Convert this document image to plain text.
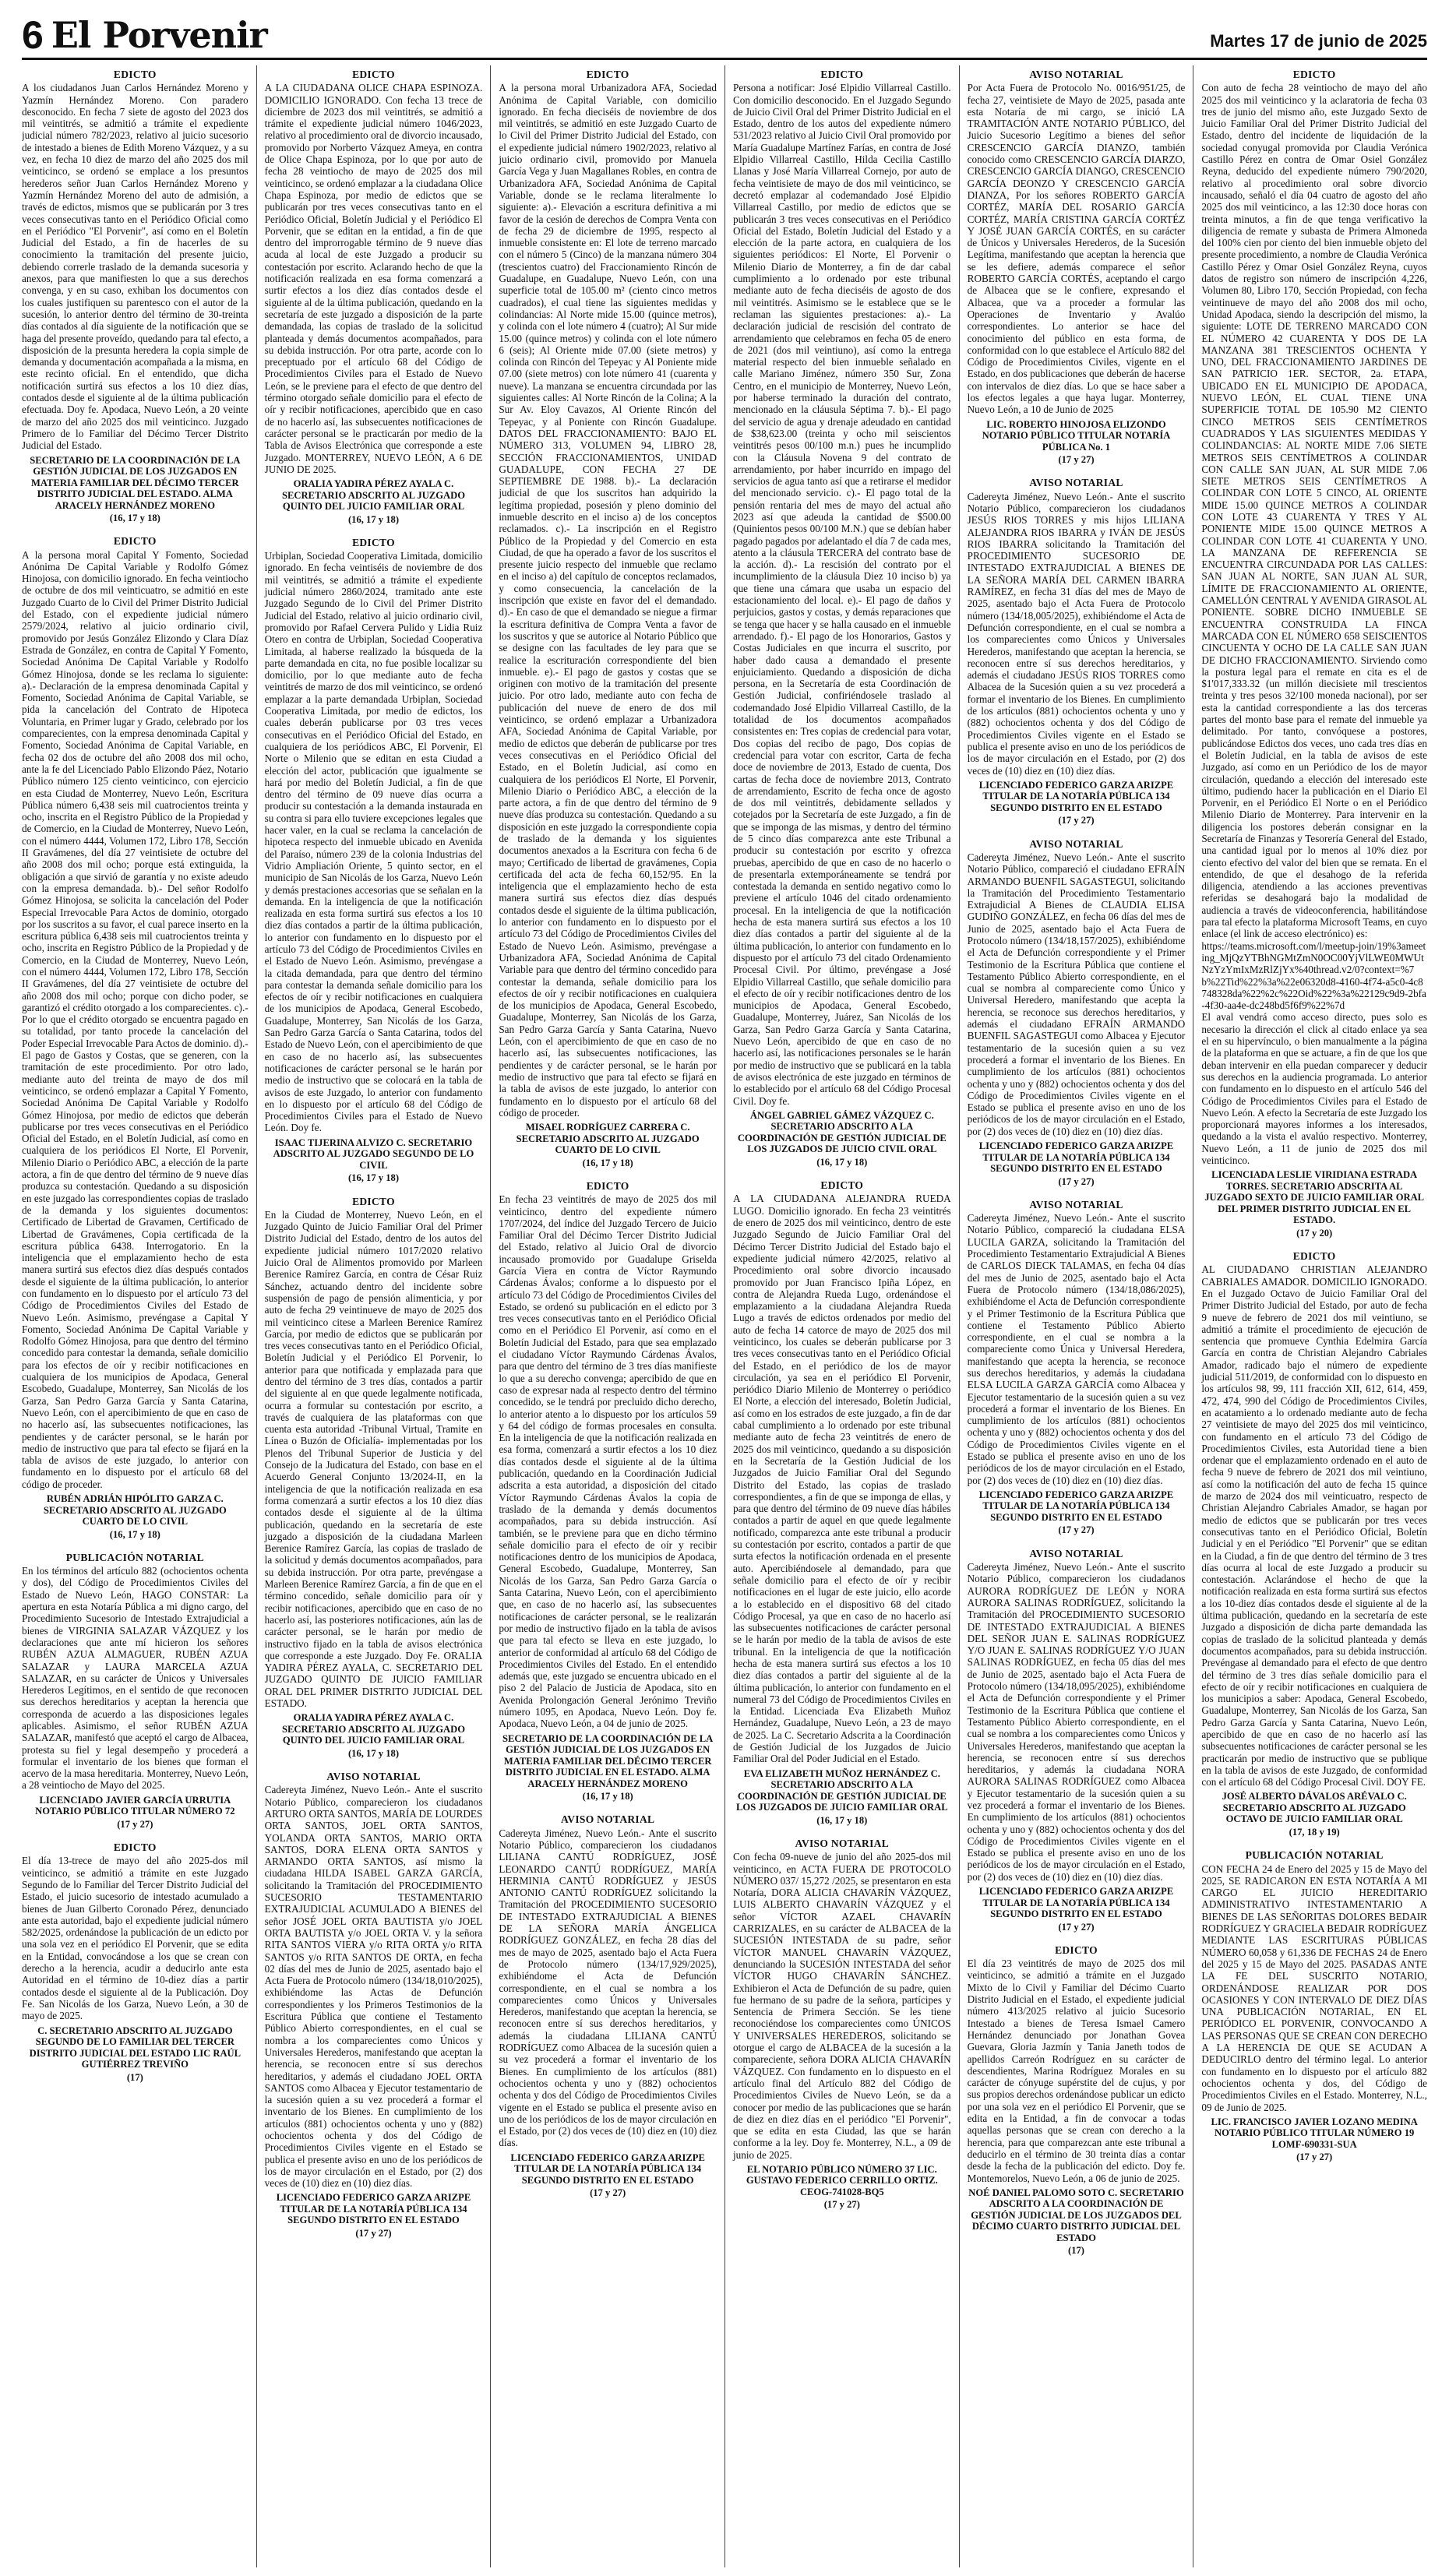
6 El Porvenir	Martes 17 de junio de 2025
EDICTO
A los ciudadanos Juan Carlos Hernández Moreno y Yazmín Hernández Moreno. Con paradero desconocido. En fecha 7 siete de agosto del 2023 dos mil veintitrés, se admitió a trámite el expediente judicial número 782/2023, relativo al juicio sucesorio de intestado a bienes de Edith Moreno Vázquez, y a su vez, en fecha 10 diez de marzo del año 2025 dos mil veinticinco, se ordenó se emplace a los presuntos herederos señor Juan Carlos Hernández Moreno y Yazmín Hernández Moreno del auto de admisión, a través de edictos, mismos que se publicarán por 3 tres veces consecutivas tanto en el Periódico Oficial como en el Periódico "El Porvenir", así como en el Boletín Judicial del Estado, a fin de hacerles de su conocimiento la tramitación del presente juicio, debiendo correrle traslado de la demanda sucesoria y anexos, para que manifiesten lo que a sus derechos convenga, y en su caso, exhiban los documentos con los cuales justifiquen su parentesco con el autor de la sucesión, lo anterior dentro del término de 30-treinta días contados al día siguiente de la notificación que se haga del presente proveído, quedando para tal efecto, a disposición de la presunta heredera la copia simple de demanda y documentación acompañada a la misma, en este recinto oficial. En el entendido, que dicha notificación surtirá sus efectos a los 10 diez días, contados desde el siguiente al de la última publicación efectuada. Doy fe. Apodaca, Nuevo León, a 20 veinte de marzo del año 2025 dos mil veinticinco. Juzgado Primero de lo Familiar del Décimo Tercer Distrito Judicial del Estado.
SECRETARIO DE LA COORDINACIÓN DE LA GESTIÓN JUDICIAL DE LOS JUZGADOS EN MATERIA FAMILIAR DEL DÉCIMO TERCER DISTRITO JUDICIAL DEL ESTADO. ALMA ARACELY HERNÁNDEZ MORENO
(16, 17 y 18)
EDICTO
A la persona moral Capital Y Fomento, Sociedad Anónima De Capital Variable y Rodolfo Gómez Hinojosa, con domicilio ignorado. En fecha veintiocho de octubre de dos mil veinticuatro, se admitió en este Juzgado Cuarto de lo Civil del Primer Distrito Judicial del Estado, con el expediente judicial número 2579/2024, relativo al juicio ordinario civil, promovido por Jesús González Elizondo y Clara Díaz Estrada de González, en contra de Capital Y Fomento, Sociedad Anónima De Capital Variable y Rodolfo Gómez Hinojosa, donde se les reclama lo siguiente: a).- Declaración de la empresa denominada Capital y Fomento, Sociedad Anónima de Capital Variable, se pida la cancelación del Contrato de Hipoteca Voluntaria, en Primer lugar y Grado, celebrado por los comparecientes, con la empresa denominada Capital y Fomento, Sociedad Anónima de Capital Variable, en fecha 02 dos de octubre del año 2008 dos mil ocho, ante la fe del Licenciado Pablo Elizondo Páez, Notario Público número 125 ciento veinticinco, con ejercicio en esta Ciudad de Monterrey, Nuevo León, Escritura Pública número 6,438 seis mil cuatrocientos treinta y ocho, inscrita en el Registro Público de la Propiedad y de Comercio, en la Ciudad de Monterrey, Nuevo León, con el número 4444, Volumen 172, Libro 178, Sección II Gravámenes, del día 27 veintisiete de octubre del año 2008 dos mil ocho; porque está extinguida, la obligación a que sirvió de garantía y no existe adeudo con la empresa demandada. b).- Del señor Rodolfo Gómez Hinojosa, se solicita la cancelación del Poder Especial Irrevocable Para Actos de dominio, otorgado por los suscritos a su favor, el cual parece inserto en la escritura pública 6,438 seis mil cuatrocientos treinta y ocho, inscrita en Registro Público de la Propiedad y de Comercio, en la Ciudad de Monterrey, Nuevo León, con el número 4444, Volumen 172, Libro 178, Sección II Gravámenes, del día 27 veintisiete de octubre del año 2008 dos mil ocho; porque con dicho poder, se garantizó el crédito otorgado a los comparecientes. c).- Por lo que el crédito otorgado se encuentra pagado en su totalidad, por tanto procede la cancelación del Poder Especial Irrevocable Para Actos de dominio. d).- El pago de Gastos y Costas, que se generen, con la tramitación de este procedimiento. Por otro lado, mediante auto del treinta de mayo de dos mil veinticinco, se ordenó emplazar a Capital Y Fomento, Sociedad Anónima De Capital Variable y Rodolfo Gómez Hinojosa, por medio de edictos que deberán publicarse por tres veces consecutivas en el Periódico Oficial del Estado, en el Boletín Judicial, así como en cualquiera de los periódicos El Norte, El Porvenir, Milenio Diario o Periódico ABC, a elección de la parte actora, a fin de que dentro del término de 9 nueve días produzca su contestación. Quedando a su disposición en este juzgado las correspondientes copias de traslado de la demanda y los siguientes documentos: Certificado de Libertad de Gravamen, Certificado de Libertad de Gravámenes, Copia certificada de la escritura pública 6438. Interrogatorio. En la inteligencia que el emplazamiento hecho de esta manera surtirá sus efectos diez días después contados desde el siguiente de la última publicación, lo anterior con fundamento en lo dispuesto por el artículo 73 del Código de Procedimientos Civiles del Estado de Nuevo León. Asimismo, prevéngase a Capital Y Fomento, Sociedad Anónima De Capital Variable y Rodolfo Gómez Hinojosa, para que dentro del término concedido para contestar la demanda, señale domicilio para los efectos de oír y recibir notificaciones en cualquiera de los municipios de Apodaca, General Escobedo, Guadalupe, Monterrey, San Nicolás de los Garza, San Pedro Garza García y Santa Catarina, Nuevo León, con el apercibimiento de que en caso de no hacerlo así, las subsecuentes notificaciones, las pendientes y de carácter personal, se le harán por medio de instructivo que para tal efecto se fijará en la tabla de avisos de este juzgado, lo anterior con fundamento en lo dispuesto por el artículo 68 del código de proceder.
RUBÉN ADRIÁN HIPÓLITO GARZA C. SECRETARIO ADSCRITO AL JUZGADO CUARTO DE LO CIVIL
(16, 17 y 18)
PUBLICACIÓN NOTARIAL
En los términos del artículo 882 (ochocientos ochenta y dos), del Código de Procedimientos Civiles del Estado de Nuevo León, HAGO CONSTAR: La apertura en esta Notaría Pública a mi digno cargo, del Procedimiento Sucesorio de Intestado Extrajudicial a bienes de VIRGINIA SALAZAR VÁZQUEZ y los declaraciones que ante mí hicieron los señores RUBÉN AZUA ALMAGUER, RUBÉN AZUA SALAZAR y LAURA MARCELA AZUA SALAZAR, en su carácter de Únicos y Universales Herederos Legítimos, en el sentido de que reconocen sus derechos hereditarios y aceptan la herencia que corresponda de acuerdo a las disposiciones legales aplicables. Asimismo, el señor RUBÉN AZUA SALAZAR, manifestó que aceptó el cargo de Albacea, protesta su fiel y legal desempeño y procederá a formular el inventario de los bienes que forman el acervo de la masa hereditaria. Monterrey, Nuevo León, a 28 veintiocho de Mayo del 2025.
LICENCIADO JAVIER GARCÍA URRUTIA NOTARIO PÚBLICO TITULAR NÚMERO 72
(17 y 27)
EDICTO
El día 13-trece de mayo del año 2025-dos mil veinticinco, se admitió a trámite en este Juzgado Segundo de lo Familiar del Tercer Distrito Judicial del Estado, el juicio sucesorio de intestado acumulado a bienes de Juan Gilberto Coronado Pérez, denunciado ante esta autoridad, bajo el expediente judicial número 582/2025, ordenándose la publicación de un edicto por una sola vez en el periódico El Porvenir, que se edita en la Entidad, convocándose a los que se crean con derecho a la herencia, acudir a deducirlo ante esta Autoridad en el término de 10-diez días a partir contados desde el siguiente al de la Publicación. Doy Fe. San Nicolás de los Garza, Nuevo León, a 30 de mayo de 2025.
C. SECRETARIO ADSCRITO AL JUZGADO SEGUNDO DE LO FAMILIAR DEL TERCER DISTRITO JUDICIAL DEL ESTADO LIC RAÚL GUTIÉRREZ TREVIÑO
(17)
EDICTO
A LA CIUDADANA OLICE CHAPA ESPINOZA. DOMICILIO IGNORADO. Con fecha 13 trece de diciembre de 2023 dos mil veintitrés, se admitió a trámite el expediente judicial número 1046/2023, relativo al procedimiento oral de divorcio incausado, promovido por Norberto Vázquez Ameya, en contra de Olice Chapa Espinoza, por lo que por auto de fecha 28 veintiocho de mayo de 2025 dos mil veinticinco, se ordenó emplazar a la ciudadana Olice Chapa Espinoza, por medio de edictos que se publicarán por tres veces consecutivas tanto en el Periódico Oficial, Boletín Judicial y el Periódico El Porvenir, que se editan en la entidad, a fin de que dentro del improrrogable término de 9 nueve días acuda al local de este Juzgado a producir su contestación por escrito. Aclarando hecho de que la notificación realizada en esa forma comenzará a surtir efectos a los diez días contados desde el siguiente al de la última publicación, quedando en la secretaría de este juzgado a disposición de la parte demandada, las copias de traslado de la solicitud planteada y demás documentos acompañados, para su debida instrucción. Por otra parte, acorde con lo preceptuado por el artículo 68 del Código de Procedimientos Civiles para el Estado de Nuevo León, se le previene para el efecto de que dentro del término otorgado señale domicilio para el efecto de oír y recibir notificaciones, apercibido que en caso de no hacerlo así, las subsecuentes notificaciones de carácter personal se le practicarán por medio de la Tabla de Avisos Electrónica que corresponde a este Juzgado. MONTERREY, NUEVO LEÓN, A 6 DE JUNIO DE 2025.
ORALIA YADIRA PÉREZ AYALA C. SECRETARIO ADSCRITO AL JUZGADO QUINTO DEL JUICIO FAMILIAR ORAL
(16, 17 y 18)
EDICTO
Urbiplan, Sociedad Cooperativa Limitada, domicilio ignorado. En fecha veintiséis de noviembre de dos mil veintitrés, se admitió a trámite el expediente judicial número 2860/2024, tramitado ante este Juzgado Segundo de lo Civil del Primer Distrito Judicial del Estado, relativo al juicio ordinario civil, promovido por Rafael Cervera Pulido y Lidia Ruiz Otero en contra de Urbiplan, Sociedad Cooperativa Limitada, al haberse realizado la búsqueda de la parte demandada en cita, no fue posible localizar su domicilio, por lo que mediante auto de fecha veintitrés de marzo de dos mil veinticinco, se ordenó emplazar a la parte demandada Urbiplan, Sociedad Cooperativa Limitada, por medio de edictos, los cuales deberán publicarse por 03 tres veces consecutivas en el Periódico Oficial del Estado, en cualquiera de los periódicos ABC, El Porvenir, El Norte o Milenio que se editan en esta Ciudad a elección del actor, publicación que igualmente se hará por medio del Boletín Judicial, a fin de que dentro del término de 09 nueve días ocurra a producir su contestación a la demanda instaurada en su contra si para ello tuviere excepciones legales que hacer valer, en la cual se reclama la cancelación de hipoteca respecto del inmueble ubicado en Avenida del Paraíso, número 239 de la colonia Industrias del Vidrio Ampliación Oriente, 5 quinto sector, en el municipio de San Nicolás de los Garza, Nuevo León y demás prestaciones accesorias que se señalan en la demanda. En la inteligencia de que la notificación realizada en esta forma surtirá sus efectos a los 10 diez días contados a partir de la última publicación, lo anterior con fundamento en lo dispuesto por el artículo 73 del Código de Procedimientos Civiles en el Estado de Nuevo León. Asimismo, prevéngase a la citada demandada, para que dentro del término para contestar la demanda señale domicilio para los efectos de oír y recibir notificaciones en cualquiera de los municipios de Apodaca, General Escobedo, Guadalupe, Monterrey, San Nicolás de los Garza, San Pedro Garza García o Santa Catarina, todos del Estado de Nuevo León, con el apercibimiento de que en caso de no hacerlo así, las subsecuentes notificaciones de carácter personal se le harán por medio de instructivo que se colocará en la tabla de avisos de este Juzgado, lo anterior con fundamento en lo dispuesto por el artículo 68 del Código de Procedimientos Civiles para el Estado de Nuevo León. Doy fe.
ISAAC TIJERINA ALVIZO C. SECRETARIO ADSCRITO AL JUZGADO SEGUNDO DE LO CIVIL
(16, 17 y 18)
EDICTO
En la Ciudad de Monterrey, Nuevo León, en el Juzgado Quinto de Juicio Familiar Oral del Primer Distrito Judicial del Estado, dentro de los autos del expediente judicial número 1017/2020 relativo Juicio Oral de Alimentos promovido por Marleen Berenice Ramírez García, en contra de César Ruiz Sánchez, actuando dentro del incidente sobre suspensión de pago de pensión alimenticia, y por auto de fecha 29 veintinueve de mayo de 2025 dos mil veinticinco citese a Marleen Berenice Ramírez García, por medio de edictos que se publicarán por tres veces consecutivas tanto en el Periódico Oficial, Boletín Judicial y el Periódico El Porvenir, lo anterior para que notificada y emplazada para que dentro del término de 3 tres días, contados a partir del siguiente al en que quede legalmente notificada, ocurra a formular su contestación por escrito, a través de cualquiera de las plataformas con que cuenta esta autoridad -Tribunal Virtual, Tramite en Línea o Buzón de Oficialía- implementadas por los Plenos del Tribunal Superior de Justicia y del Consejo de la Judicatura del Estado, con base en el Acuerdo General Conjunto 13/2024-II, en la inteligencia de que la notificación realizada en esa forma comenzará a surtir efectos a los 10 diez días contados desde el siguiente al de la última publicación, quedando en la secretaría de este juzgado a disposición de la ciudadana Marleen Berenice Ramírez García, las copias de traslado de la solicitud y demás documentos acompañados, para su debida instrucción. Por otra parte, prevéngase a Marleen Berenice Ramírez García, a fin de que en el término concedido, señale domicilio para oír y recibir notificaciones, apercibido que en caso de no hacerlo así, las posteriores notificaciones, aún las de carácter personal, se le harán por medio de instructivo fijado en la tabla de avisos electrónica que corresponde a este Juzgado. Doy Fe. ORALIA YADIRA PÉREZ AYALA, C. SECRETARIO DEL JUZGADO QUINTO DE JUICIO FAMILIAR ORAL DEL PRIMER DISTRITO JUDICIAL DEL ESTADO.
ORALIA YADIRA PÉREZ AYALA C. SECRETARIO ADSCRITO AL JUZGADO QUINTO DEL JUICIO FAMILIAR ORAL
(16, 17 y 18)
AVISO NOTARIAL
Cadereyta Jiménez, Nuevo León.- Ante el suscrito Notario Público, comparecieron los ciudadanos ARTURO ORTA SANTOS, MARÍA DE LOURDES ORTA SANTOS, JOEL ORTA SANTOS, YOLANDA ORTA SANTOS, MARIO ORTA SANTOS, DORA ELENA ORTA SANTOS y ARMANDO ORTA SANTOS, así mismo la ciudadana HILDA ISABEL GARZA GARCÍA, solicitando la Tramitación del PROCEDIMIENTO SUCESORIO TESTAMENTARIO EXTRAJUDICIAL ACUMULADO A BIENES del señor JOSÉ JOEL ORTA BAUTISTA y/o JOEL ORTA BAUTISTA y/o JOEL ORTA V. y la señora RITA SANTOS VIERA y/o RITA ORTA y/o RITA SANTOS y/o RITA SANTOS DE ORTA, en fecha 02 días del mes de Junio de 2025, asentado bajo el Acta Fuera de Protocolo número (134/18,010/2025), exhibiéndome las Actas de Defunción correspondientes y los Primeros Testimonios de la Escritura Pública que contiene el Testamento Público Abierto correspondientes, en el cual se nombra a los comparecientes como Únicos y Universales Herederos, manifestando que aceptan la herencia, se reconocen entre sí sus derechos hereditarios, y además el ciudadano JOEL ORTA SANTOS como Albacea y Ejecutor testamentario de la sucesión quien a su vez procederá a formar el inventario de los Bienes. En cumplimiento de los artículos (881) ochocientos ochenta y uno y (882) ochocientos ochenta y dos del Código de Procedimientos Civiles vigente en el Estado se publica el presente aviso en uno de los periódicos de los de mayor circulación en el Estado, por (2) dos veces de (10) diez en (10) diez días.
LICENCIADO FEDERICO GARZA ARIZPE TITULAR DE LA NOTARÍA PÚBLICA 134 SEGUNDO DISTRITO EN EL ESTADO
(17 y 27)
EDICTO
A la persona moral Urbanizadora AFA, Sociedad Anónima de Capital Variable, con domicilio ignorado. En fecha dieciséis de noviembre de dos mil veintitrés, se admitió en este Juzgado Cuarto de lo Civil del Primer Distrito Judicial del Estado, con el expediente judicial número 1902/2023, relativo al juicio ordinario civil, promovido por Manuela García Vega y Juan Magallanes Robles, en contra de Urbanizadora AFA, Sociedad Anónima de Capital Variable, donde se le reclama literalmente lo siguiente: a).- Elevación a escritura definitiva a mi favor de la cesión de derechos de Compra Venta con de fecha 29 de diciembre de 1995, respecto al inmueble consistente en: El lote de terreno marcado con el número 5 (Cinco) de la manzana número 304 (trescientos cuatro) del Fraccionamiento Rincón de Guadalupe, en Guadalupe, Nuevo León, con una superficie total de 105.00 m² (ciento cinco metros cuadrados), el cual tiene las siguientes medidas y colindancias: Al Norte mide 15.00 (quince metros), y colinda con el lote número 4 (cuatro); Al Sur mide 15.00 (quince metros) y colinda con el lote número 6 (seis); Al Oriente mide 07.00 (siete metros) y colinda con Rincón del Tepeyac y Al Poniente mide 07.00 (siete metros) con lote número 41 (cuarenta y nueve). La manzana se encuentra circundada por las siguientes calles: Al Norte Rincón de la Colina; A la Sur Av. Eloy Cavazos, Al Oriente Rincón del Tepeyac, y al Poniente con Rincón Guadalupe. DATOS DEL FRACCIONAMIENTO: BAJO EL NÚMERO 313, VOLUMEN 94, LIBRO 28, SECCIÓN FRACCIONAMIENTOS, UNIDAD GUADALUPE, CON FECHA 27 DE SEPTIEMBRE DE 1988. b).- La declaración judicial de que los suscritos han adquirido la legítima propiedad, posesión y pleno dominio del inmueble descrito en el inciso a) de los conceptos reclamados. c).- La inscripción en el Registro Público de la Propiedad y del Comercio en esta Ciudad, de que ha operado a favor de los suscritos el presente juicio respecto del inmueble que reclamo en el inciso a) del capítulo de conceptos reclamados, y como consecuencia, la cancelación de la inscripción que existe en favor del el demandado. d).- En caso de que el demandado se niegue a firmar la escritura definitiva de Compra Venta a favor de los suscritos y que se autorice al Notario Público que se designe con las facultades de ley para que se realice la escrituración correspondiente del bien inmueble. e).- El pago de gastos y costas que se originen con motivo de la tramitación del presente juicio. Por otro lado, mediante auto con fecha de publicación del nueve de enero de dos mil veinticinco, se ordenó emplazar a Urbanizadora AFA, Sociedad Anónima de Capital Variable, por medio de edictos que deberán de publicarse por tres veces consecutivas en el Periódico Oficial del Estado, en el Boletín Judicial, así como en cualquiera de los periódicos El Norte, El Porvenir, Milenio Diario o Periódico ABC, a elección de la parte actora, a fin de que dentro del término de 9 nueve días produzca su contestación. Quedando a su disposición en este juzgado la correspondiente copia de traslado de la demanda y los siguientes documentos anexados a la Escritura con fecha 6 de mayo; Certificado de libertad de gravámenes, Copia certificada del acta de fecha 60,152/95. En la inteligencia que el emplazamiento hecho de esta manera surtirá sus efectos diez días después contados desde el siguiente de la última publicación, lo anterior con fundamento en lo dispuesto por el artículo 73 del Código de Procedimientos Civiles del Estado de Nuevo León. Asimismo, prevéngase a Urbanizadora AFA, Sociedad Anónima de Capital Variable para que dentro del término concedido para contestar la demanda, señale domicilio para los efectos de oír y recibir notificaciones en cualquiera de los municipios de Apodaca, General Escobedo, Guadalupe, Monterrey, San Nicolás de los Garza, San Pedro Garza García y Santa Catarina, Nuevo León, con el apercibimiento de que en caso de no hacerlo así, las subsecuentes notificaciones, las pendientes y de carácter personal, se le harán por medio de instructivo que para tal efecto se fijará en la tabla de avisos de este juzgado, lo anterior con fundamento en lo dispuesto por el artículo 68 del código de proceder.
MISAEL RODRÍGUEZ CARRERA C. SECRETARIO ADSCRITO AL JUZGADO CUARTO DE LO CIVIL
(16, 17 y 18)
EDICTO
En fecha 23 veintitrés de mayo de 2025 dos mil veinticinco, dentro del expediente número 1707/2024, del índice del Juzgado Tercero de Juicio Familiar Oral del Décimo Tercer Distrito Judicial del Estado, relativo al Juicio Oral de divorcio incausado promovido por Guadalupe Griselda García Viera en contra de Víctor Raymundo Cárdenas Ávalos; conforme a lo dispuesto por el artículo 73 del Código de Procedimientos Civiles del Estado, se ordenó su publicación en el edicto por 3 tres veces consecutivas tanto en el Periódico Oficial como en el Periódico El Porvenir, así como en el Boletín Judicial del Estado, para que sea emplazado el ciudadano Víctor Raymundo Cárdenas Ávalos, para que dentro del término de 3 tres días manifieste lo que a su derecho convenga; apercibido de que en caso de expresar nada al respecto dentro del término concedido, se le tendrá por precluido dicho derecho, lo anterior atento a lo dispuesto por los artículos 59 y 64 del código de formas procesales en consulta. En la inteligencia de que la notificación realizada en esa forma, comenzará a surtir efectos a los 10 diez días contados desde el siguiente al de la última publicación, quedando en la Coordinación Judicial adscrita a esta autoridad, a disposición del citado Víctor Raymundo Cárdenas Ávalos la copia de traslado de la demanda y demás documentos acompañados, para su debida instrucción. Así también, se le previene para que en dicho término señale domicilio para el efecto de oír y recibir notificaciones dentro de los municipios de Apodaca, General Escobedo, Guadalupe, Monterrey, San Nicolás de los Garza, San Pedro Garza García o Santa Catarina, Nuevo León, con el apercibimiento que, en caso de no hacerlo así, las subsecuentes notificaciones de carácter personal, se le realizarán por medio de instructivo fijado en la tabla de avisos que para tal efecto se lleva en este juzgado, lo anterior de conformidad al artículo 68 del Código de Procedimientos Civiles del Estado. En el entendido además que, este juzgado se encuentra ubicado en el piso 2 del Palacio de Justicia de Apodaca, sito en Avenida Prolongación General Jerónimo Treviño número 1095, en Apodaca, Nuevo León. Doy fe. Apodaca, Nuevo León, a 04 de junio de 2025.
SECRETARIO DE LA COORDINACIÓN DE LA GESTIÓN JUDICIAL DE LOS JUZGADOS EN MATERIA FAMILIAR DEL DÉCIMO TERCER DISTRITO JUDICIAL EN EL ESTADO. ALMA ARACELY HERNÁNDEZ MORENO
(16, 17 y 18)
AVISO NOTARIAL
Cadereyta Jiménez, Nuevo León.- Ante el suscrito Notario Público, comparecieron los ciudadanos LILIANA CANTÚ RODRÍGUEZ, JOSÉ LEONARDO CANTÚ RODRÍGUEZ, MARÍA HERMINIA CANTÚ RODRÍGUEZ y JESÚS ANTONIO CANTÚ RODRÍGUEZ solicitando la Tramitación del PROCEDIMIENTO SUCESORIO DE INTESTADO EXTRAJUDICIAL A BIENES DE LA SEÑORA MARÍA ÁNGELICA RODRÍGUEZ GONZÁLEZ, en fecha 28 días del mes de mayo de 2025, asentado bajo el Acta Fuera de Protocolo número (134/17,929/2025), exhibiéndome el Acta de Defunción correspondiente, en el cual se nombra a los comparecientes como Únicos y Universales Herederos, manifestando que aceptan la herencia, se reconocen entre sí sus derechos hereditarios, y además la ciudadana LILIANA CANTÚ RODRÍGUEZ como Albacea de la sucesión quien a su vez procederá a formar el inventario de los Bienes. En cumplimiento de los artículos (881) ochocientos ochenta y uno y (882) ochocientos ochenta y dos del Código de Procedimientos Civiles vigente en el Estado se publica el presente aviso en uno de los periódicos de los de mayor circulación en el Estado, por (2) dos veces de (10) diez en (10) diez días.
LICENCIADO FEDERICO GARZA ARIZPE TITULAR DE LA NOTARÍA PÚBLICA 134 SEGUNDO DISTRITO EN EL ESTADO
(17 y 27)
EDICTO
Persona a notificar: José Elpidio Villarreal Castillo. Con domicilio desconocido. En el Juzgado Segundo de Juicio Civil Oral del Primer Distrito Judicial en el Estado, dentro de los autos del expediente número 531/2023 relativo al Juicio Civil Oral promovido por María Guadalupe Martínez Farías, en contra de José Elpidio Villarreal Castillo, Hilda Cecilia Castillo Llanas y José María Villarreal Cornejo, por auto de fecha veintisiete de mayo de dos mil veinticinco, se decretó emplazar al codemandado José Elpidio Villarreal Castillo, por medio de edictos que se publicarán 3 tres veces consecutivas en el Periódico Oficial del Estado, Boletín Judicial del Estado y a elección de la parte actora, en cualquiera de los siguientes periódicos: El Norte, El Porvenir o Milenio Diario de Monterrey, a fin de dar cabal cumplimiento a lo ordenado por este tribunal mediante auto de fecha dieciséis de agosto de dos mil veintitrés. Asimismo se le establece que se le reclaman las siguientes prestaciones: a).- La declaración judicial de rescisión del contrato de arrendamiento que celebramos en fecha 05 de enero de 2021 (dos mil veintiuno), así como la entrega material respecto del bien inmueble señalado en calle Mariano Jiménez, número 350 Sur, Zona Centro, en el municipio de Monterrey, Nuevo León, por haberse terminado la duración del contrato, mencionado en la cláusula Séptima 7. b).- El pago del servicio de agua y drenaje adeudado en cantidad de $38,623.00 (treinta y ocho mil seiscientos veintitrés pesos 00/100 m.n.) pues he incumplido con la Cláusula Novena 9 del contrato de arrendamiento, por haber incurrido en impago del servicios de agua tanto así que a retirarse el medidor del mencionado servicio. c).- El pago total de la pensión rentaria del mes de mayo del actual año 2023 así que adeuda la cantidad de $500.00 (Quinientos pesos 00/100 M.N.) que se debían haber pagado pagados por adelantado el día 7 de cada mes, atento a la cláusula TERCERA del contrato base de la acción. d).- La rescisión del contrato por el incumplimiento de la cláusula Diez 10 inciso b) ya que tiene una cámara que usaba un espacio del estacionamiento del local. e).- El pago de daños y perjuicios, gastos y costas, y demás reparaciones que se tenga que hacer y se halla causado en el inmueble arrendado. f).- El pago de los Honorarios, Gastos y Costas Judiciales en que incurra el suscrito, por haber dado causa a demandado el presente enjuiciamiento. Quedando a disposición de dicha persona, en la Secretaría de esta Coordinación de Gestión Judicial, confiriéndosele traslado al codemandado José Elpidio Villarreal Castillo, de la totalidad de los documentos acompañados consistentes en: Tres copias de credencial para votar, Dos copias del recibo de pago, Dos copias de credencial para votar con escritor, Carta de fecha doce de noviembre de 2013, Estado de cuenta, Dos cartas de fecha doce de noviembre 2013, Contrato de arrendamiento, Escrito de fecha once de agosto de dos mil veintitrés, debidamente sellados y cotejados por la Secretaría de este Juzgado, a fin de que se imponga de las mismas, y dentro del término de 5 cinco días comparezca ante este Tribunal a producir su contestación por escrito y ofrezca pruebas, apercibido de que en caso de no hacerlo o de presentarla extemporáneamente se tendrá por contestada la demanda en sentido negativo como lo previene el artículo 1046 del citado ordenamiento procesal. En la inteligencia de que la notificación hecha de esta manera surtirá sus efectos a los 10 diez días contados a partir del siguiente al de la última publicación, lo anterior con fundamento en lo dispuesto por el artículo 73 del citado Ordenamiento Procesal Civil. Por último, prevéngase a José Elpidio Villarreal Castillo, que señale domicilio para el efecto de oír y recibir notificaciones dentro de los municipios de Apodaca, General Escobedo, Guadalupe, Monterrey, Juárez, San Nicolás de los Garza, San Pedro Garza García y Santa Catarina, Nuevo León, apercibido de que en caso de no hacerlo así, las notificaciones personales se le harán por medio de instructivo que se publicará en la tabla de avisos electrónica de este juzgado en términos de lo establecido por el artículo 68 del Código Procesal Civil. Doy fe.
ÁNGEL GABRIEL GÁMEZ VÁZQUEZ C. SECRETARIO ADSCRITO A LA COORDINACIÓN DE GESTIÓN JUDICIAL DE LOS JUZGADOS DE JUICIO CIVIL ORAL
(16, 17 y 18)
EDICTO
A LA CIUDADANA ALEJANDRA RUEDA LUGO. Domicilio ignorado. En fecha 23 veintitrés de enero de 2025 dos mil veinticinco, dentro de este Juzgado Segundo de Juicio Familiar Oral del Décimo Tercer Distrito Judicial del Estado bajo el expediente judicial número 42/2025, relativo al Procedimiento oral sobre divorcio incausado promovido por Juan Francisco Ipiña López, en contra de Alejandra Rueda Lugo, ordenándose el emplazamiento a la ciudadana Alejandra Rueda Lugo a través de edictos ordenados por medio del auto de fecha 14 catorce de mayo de 2025 dos mil veinticinco, los cuales se deberán publicarse por 3 tres veces consecutivas tanto en el Periódico Oficial del Estado, en el periódico de los de mayor circulación, ya sea en el periódico El Porvenir, periódico Diario Milenio de Monterrey o periódico El Norte, a elección del interesado, Boletín Judicial, así como en los estrados de este juzgado, a fin de dar cabal cumplimiento a lo ordenado por este tribunal mediante auto de fecha 23 veintitrés de enero de 2025 dos mil veinticinco, quedando a su disposición en la Secretaría de la Gestión Judicial de los Juzgados de Juicio Familiar Oral del Segundo Distrito del Estado, las copias de traslado correspondientes, a fin de que se imponga de ellas, y para que dentro del término de 09 nueve días hábiles contados a partir de aquel en que quede legalmente notificado, comparezca ante este tribunal a producir su contestación por escrito, contados a partir de que surta efectos la notificación ordenada en el presente auto. Apercibiéndosele al demandado, para que señale domicilio para el efecto de oír y recibir notificaciones en el lugar de este juicio, ello acorde a lo establecido en el dispositivo 68 del citado Código Procesal, ya que en caso de no hacerlo así las subsecuentes notificaciones de carácter personal se le harán por medio de la tabla de avisos de este tribunal. En la inteligencia de que la notificación hecha de esta manera surtirá sus efectos a los 10 diez días contados a partir del siguiente al de la última publicación, lo anterior con fundamento en el numeral 73 del Código de Procedimientos Civiles en la Entidad. Licenciada Eva Elizabeth Muñoz Hernández, Guadalupe, Nuevo León, a 23 de mayo de 2025. La C. Secretario Adscrita a la Coordinación de Gestión Judicial de los Juzgados de Juicio Familiar Oral del Poder Judicial en el Estado.
EVA ELIZABETH MUÑOZ HERNÁNDEZ C. SECRETARIO ADSCRITO A LA COORDINACIÓN DE GESTIÓN JUDICIAL DE LOS JUZGADOS DE JUICIO FAMILIAR ORAL
(16, 17 y 18)
AVISO NOTARIAL
Con fecha 09-nueve de junio del año 2025-dos mil veinticinco, en ACTA FUERA DE PROTOCOLO NÚMERO 037/ 15,272 /2025, se presentaron en esta Notaría, DORA ALICIA CHAVARÍN VÁZQUEZ, LUIS ALBERTO CHAVARÍN VÁZQUEZ y el señor VÍCTOR AZAEL CHAVARÍN CARRIZALES, en su carácter de ALBACEA de la SUCESIÓN INTESTADA de su padre, señor VÍCTOR MANUEL CHAVARÍN VÁZQUEZ, denunciando la SUCESIÓN INTESTADA del señor VÍCTOR HUGO CHAVARÍN SÁNCHEZ. Exhibieron el Acta de Defunción de su padre, quien fue hermano de su padre de la señora, partícipes y Sentencia de Primera Sección. Se les tiene reconociéndose los comparecientes como ÚNICOS Y UNIVERSALES HEREDEROS, solicitando se otorgue el cargo de ALBACEA de la sucesión a la compareciente, señora DORA ALICIA CHAVARÍN VÁZQUEZ. Con fundamento en lo dispuesto en el artículo final del Artículo 882 del Código de Procedimientos Civiles de Nuevo León, se da a conocer por medio de las publicaciones que se harán de diez en diez días en el periódico "El Porvenir", que se edita en esta Ciudad, las que se harán conforme a la ley. Doy fe. Monterrey, N.L., a 09 de junio de 2025.
EL NOTARIO PÚBLICO NÚMERO 37 LIC. GUSTAVO FEDERICO CERRILLO ORTIZ. CEOG-741028-BQ5
(17 y 27)
AVISO NOTARIAL
Por Acta Fuera de Protocolo No. 0016/951/25, de fecha 27, veintisiete de Mayo de 2025, pasada ante esta Notaría de mi cargo, se inició LA TRAMITACIÓN ANTE NOTARIO PÚBLICO, del Juicio Sucesorio Legítimo a bienes del señor CRESCENCIO GARCÍA DIANZO, también conocido como CRESCENCIO GARCÍA DIARZO, CRESCENCIO GARCÍA DIANGO, CRESCENCIO GARCÍA DEONZO Y CRESCENCIO GARCÍA DIANZA, Por los señores ROBERTO GARCÍA CORTÉZ, MARÍA DEL ROSARIO GARCÍA CORTÉZ, MARÍA CRISTINA GARCÍA CORTÉZ Y JOSÉ JUAN GARCÍA CORTÉS, en su carácter de Únicos y Universales Herederos, de la Sucesión Legítima, manifestando que aceptan la herencia que se les defiere, además comparece el señor ROBERTO GARCÍA CORTÉS, aceptando el cargo de Albacea que se le confiere, expresando el Albacea, que va a proceder a formular las Operaciones de Inventario y Avalúo correspondientes. Lo anterior se hace del conocimiento del público en esta forma, de conformidad con lo que establece el Artículo 882 del Código de Procedimientos Civiles, vigente en el Estado, en dos publicaciones que deberán de hacerse con intervalos de diez días. Lo que se hace saber a los efectos legales a que haya lugar. Monterrey, Nuevo León, a 10 de Junio de 2025
LIC. ROBERTO HINOJOSA ELIZONDO NOTARIO PÚBLICO TITULAR NOTARÍA PÚBLICA No. 1
(17 y 27)
AVISO NOTARIAL
Cadereyta Jiménez, Nuevo León.- Ante el suscrito Notario Público, comparecieron los ciudadanos JESÚS RIOS TORRES y mis hijos LILIANA ALEJANDRA RIOS IBARRA y IVÁN DE JESÚS RIOS IBARRA solicitando la Tramitación del PROCEDIMIENTO SUCESORIO DE INTESTADO EXTRAJUDICIAL A BIENES DE LA SEÑORA MARÍA DEL CARMEN IBARRA RAMÍREZ, en fecha 31 días del mes de Mayo de 2025, asentado bajo el Acta Fuera de Protocolo número (134/18,005/2025), exhibiéndome el Acta de Defunción correspondiente, en el cual se nombra a los comparecientes como Únicos y Universales Herederos, manifestando que aceptan la herencia, se reconocen entre sí sus derechos hereditarios, y además el ciudadano JESÚS RIOS TORRES como Albacea de la Sucesión quien a su vez procederá a formar el inventario de los Bienes. En cumplimiento de los artículos (881) ochocientos ochenta y uno y (882) ochocientos ochenta y dos del Código de Procedimientos Civiles vigente en el Estado se publica el presente aviso en uno de los periódicos de los de mayor circulación en el Estado, por (2) dos veces de (10) diez en (10) diez días.
LICENCIADO FEDERICO GARZA ARIZPE TITULAR DE LA NOTARÍA PÚBLICA 134 SEGUNDO DISTRITO EN EL ESTADO
(17 y 27)
AVISO NOTARIAL
Cadereyta Jiménez, Nuevo León.- Ante el suscrito Notario Público, compareció el ciudadano EFRAÍN ARMANDO BUENFIL SAGASTEGUI, solicitando la Tramitación del Procedimiento Testamentario Extrajudicial A Bienes de CLAUDIA ELISA GUDIÑO GONZÁLEZ, en fecha 06 días del mes de Junio de 2025, asentado bajo el Acta Fuera de Protocolo número (134/18,157/2025), exhibiéndome el Acta de Defunción correspondiente y el Primer Testimonio de la Escritura Pública que contiene el Testamento Público Abierto correspondiente, en el cual se nombra al compareciente como Único y Universal Heredero, manifestando que acepta la herencia, se reconoce sus derechos hereditarios, y además el ciudadano EFRAÍN ARMANDO BUENFIL SAGASTEGUI como Albacea y Ejecutor testamentario de la sucesión quien a su vez procederá a formar el inventario de los Bienes. En cumplimiento de los artículos (881) ochocientos ochenta y uno y (882) ochocientos ochenta y dos del Código de Procedimientos Civiles vigente en el Estado se publica el presente aviso en uno de los periódicos de los de mayor circulación en el Estado, por (2) dos veces de (10) diez en (10) diez días.
LICENCIADO FEDERICO GARZA ARIZPE TITULAR DE LA NOTARÍA PÚBLICA 134 SEGUNDO DISTRITO EN EL ESTADO
(17 y 27)
AVISO NOTARIAL
Cadereyta Jiménez, Nuevo León.- Ante el suscrito Notario Público, compareció la ciudadana ELSA LUCILA GARZA, solicitando la Tramitación del Procedimiento Testamentario Extrajudicial A Bienes de CARLOS DIECK TALAMAS, en fecha 04 días del mes de Junio de 2025, asentado bajo el Acta Fuera de Protocolo número (134/18,086/2025), exhibiéndome el Acta de Defunción correspondiente y el Primer Testimonio de la Escritura Pública que contiene el Testamento Público Abierto correspondiente, en el cual se nombra a la compareciente como Única y Universal Heredera, manifestando que acepta la herencia, se reconoce sus derechos hereditarios, y además la ciudadana ELSA LUCILA GARZA GARCÍA como Albacea y Ejecutor testamentario de la sucesión quien a su vez procederá a formar el inventario de los Bienes. En cumplimiento de los artículos (881) ochocientos ochenta y uno y (882) ochocientos ochenta y dos del Código de Procedimientos Civiles vigente en el Estado se publica el presente aviso en uno de los periódicos de los de mayor circulación en el Estado, por (2) dos veces de (10) diez en (10) diez días.
LICENCIADO FEDERICO GARZA ARIZPE TITULAR DE LA NOTARÍA PÚBLICA 134 SEGUNDO DISTRITO EN EL ESTADO
(17 y 27)
AVISO NOTARIAL
Cadereyta Jiménez, Nuevo León.- Ante el suscrito Notario Público, comparecieron los ciudadanos AURORA RODRÍGUEZ DE LEÓN y NORA AURORA SALINAS RODRÍGUEZ, solicitando la Tramitación del PROCEDIMIENTO SUCESORIO DE INTESTADO EXTRAJUDICIAL A BIENES DEL SEÑOR JUAN E. SALINAS RODRÍGUEZ Y/O JUAN E. SALINAS RODRÍGUEZ Y/O JUAN SALINAS RODRÍGUEZ, en fecha 05 días del mes de Junio de 2025, asentado bajo el Acta Fuera de Protocolo número (134/18,095/2025), exhibiéndome el Acta de Defunción correspondiente y el Primer Testimonio de la Escritura Pública que contiene el Testamento Público Abierto correspondiente, en el cual se nombra a los comparecientes como Únicos y Universales Herederos, manifestando que aceptan la herencia, se reconocen entre sí sus derechos hereditarios, y además la ciudadana NORA AURORA SALINAS RODRÍGUEZ como Albacea y Ejecutor testamentario de la sucesión quien a su vez procederá a formar el inventario de los Bienes. En cumplimiento de los artículos (881) ochocientos ochenta y uno y (882) ochocientos ochenta y dos del Código de Procedimientos Civiles vigente en el Estado se publica el presente aviso en uno de los periódicos de los de mayor circulación en el Estado, por (2) dos veces de (10) diez en (10) diez días.
LICENCIADO FEDERICO GARZA ARIZPE TITULAR DE LA NOTARÍA PÚBLICA 134 SEGUNDO DISTRITO EN EL ESTADO
(17 y 27)
EDICTO
El día 23 veintitrés de mayo de 2025 dos mil veinticinco, se admitió a trámite en el Juzgado Mixto de lo Civil y Familiar del Décimo Cuarto Distrito Judicial en el Estado, el expediente judicial número 413/2025 relativo al juicio Sucesorio Intestado a bienes de Teresa Ismael Camero Hernández denunciado por Jonathan Govea Guevara, Gloria Jazmín y Tania Janeth todos de apellidos Carreón Rodríguez en su carácter de descendientes, Marina Rodríguez Morales en su carácter de cónyuge supérstite del de cujus, y por sus propios derechos ordenándose publicar un edicto por una sola vez en el periódico El Porvenir, que se edita en la Entidad, a fin de convocar a todas aquellas personas que se crean con derecho a la herencia, para que comparezcan ante este tribunal a deducirlo en el término de 30 treinta días a contar desde la fecha de la publicación del edicto. Doy fe. Montemorelos, Nuevo León, a 06 de junio de 2025.
NOÉ DANIEL PALOMO SOTO C. SECRETARIO ADSCRITO A LA COORDINACIÓN DE GESTIÓN JUDICIAL DE LOS JUZGADOS DEL DÉCIMO CUARTO DISTRITO JUDICIAL DEL ESTADO
(17)
EDICTO
Con auto de fecha 28 veintiocho de mayo del año 2025 dos mil veinticinco y la aclaratoria de fecha 03 tres de junio del mismo año, este Juzgado Sexto de Juicio Familiar Oral del Primer Distrito Judicial del Estado, dentro del incidente de liquidación de la sociedad conyugal promovida por Claudia Verónica Castillo Pérez en contra de Omar Osiel González Reyna, deducido del expediente número 790/2020, relativo al procedimiento oral sobre divorcio incausado, señaló el día 04 cuatro de agosto del año 2025 dos mil veinticinco, a las 12:30 doce horas con treinta minutos, a fin de que tenga verificativo la diligencia de remate y subasta de Primera Almoneda del 100% cien por ciento del bien inmueble objeto del presente procedimiento, a nombre de Claudia Verónica Castillo Pérez y Omar Osiel González Reyna, cuyos datos de registro son número de inscripción 4,226, Volumen 80, Libro 170, Sección Propiedad, con fecha veintinueve de mayo del año 2008 dos mil ocho, Unidad Apodaca, siendo la descripción del mismo, la siguiente: LOTE DE TERRENO MARCADO CON EL NÚMERO 42 CUARENTA Y DOS DE LA MANZANA 381 TRESCIENTOS OCHENTA Y UNO, DEL FRACCIONAMIENTO JARDINES DE SAN PATRICIO 1ER. SECTOR, 2a. ETAPA, UBICADO EN EL MUNICIPIO DE APODACA, NUEVO LEÓN, EL CUAL TIENE UNA SUPERFICIE TOTAL DE 105.90 M2 CIENTO CINCO METROS SEIS CENTÍMETROS CUADRADOS Y LAS SIGUIENTES MEDIDAS Y COLINDANCIAS: AL NORTE MIDE 7.06 SIETE METROS SEIS CENTÍMETROS A COLINDAR CON CALLE SAN JUAN, AL SUR MIDE 7.06 SIETE METROS SEIS CENTÍMETROS A COLINDAR CON LOTE 5 CINCO, AL ORIENTE MIDE 15.00 QUINCE METROS A COLINDAR CON LOTE 43 CUARENTA Y TRES Y AL PONIENTE MIDE 15.00 QUINCE METROS A COLINDAR CON LOTE 41 CUARENTA Y UNO. LA MANZANA DE REFERENCIA SE ENCUENTRA CIRCUNDADA POR LAS CALLES: SAN JUAN AL NORTE, SAN JUAN AL SUR, LÍMITE DE FRACCIONAMIENTO AL ORIENTE, CAMELLÓN CENTRAL Y AVENIDA GIRASOL AL PONIENTE. SOBRE DICHO INMUEBLE SE ENCUENTRA CONSTRUIDA LA FINCA MARCADA CON EL NÚMERO 658 SEISCIENTOS CINCUENTA Y OCHO DE LA CALLE SAN JUAN DE DICHO FRACCIONAMIENTO. Sirviendo como la postura legal para el remate en cita es el de $1'017,333.32 (un millón diecisiete mil trescientos treinta y tres pesos 32/100 moneda nacional), por ser esta la cantidad correspondiente a las dos terceras partes del monto base para el remate del inmueble ya delimitado. Por tanto, convóquese a postores, publicándose Edictos dos veces, uno cada tres días en el Boletín Judicial, en la tabla de avisos de este Juzgado, así como en un Periódico de los de mayor circulación, quedando a elección del interesado este último, pudiendo hacer la publicación en el Diario El Porvenir, en el Periódico El Norte o en el Periódico Milenio Diario de Monterrey. Para intervenir en la diligencia los postores deberán consignar en la Secretaría de Finanzas y Tesorería General del Estado, una cantidad igual por lo menos al 10% diez por ciento efectivo del valor del bien que se remata. En el entendido, de que el desahogo de la referida diligencia, atendiendo a las acciones preventivas referidas se desahogará bajo la modalidad de audiencia a través de videoconferencia, habilitándose para tal efecto la plataforma Microsoft Teams, en cuyo enlace (el link de acceso electrónico) es:
https://teams.microsoft.com/l/meetup-join/19%3ameeting_MjQzYTBhNGMtZmN0OC00YjVlLWE0MWUtNzYzYmIxMzRlZjYx%40thread.v2/0?context=%7b%22Tid%22%3a%22e06320d8-4160-4f74-a5c0-4c8748328da%22%2c%22Oid%22%3a%22129c9d9-2bfa-4f30-aa4e-dc248bd5f6f9%22%7d
El aval vendrá como acceso directo, pues solo es necesario la dirección el click al citado enlace ya sea el en su hipervínculo, o bien manualmente a la página de la plataforma en que se actuare, a fin de que los que deban intervenir en ella puedan comparecer y deducir sus derechos en la audiencia programada. Lo anterior con fundamento en lo dispuesto en el artículo 546 del Código de Procedimientos Civiles para el Estado de Nuevo León. A efecto la Secretaría de este Juzgado los proporcionará mayores informes a los interesados, quedando a la vista el avalúo respectivo. Monterrey, Nuevo León, a 11 de junio de 2025 dos mil veinticinco.
LICENCIADA LESLIE VIRIDIANA ESTRADA TORRES. SECRETARIO ADSCRITA AL JUZGADO SEXTO DE JUICIO FAMILIAR ORAL DEL PRIMER DISTRITO JUDICIAL EN EL ESTADO.
(17 y 20)
EDICTO
AL CIUDADANO CHRISTIAN ALEJANDRO CABRIALES AMADOR. DOMICILIO IGNORADO. En el Juzgado Octavo de Juicio Familiar Oral del Primer Distrito Judicial del Estado, por auto de fecha 9 nueve de febrero de 2021 dos mil veintiuno, se admitió a trámite el procedimiento de ejecución de sentencia que promueve Cynthia Edelmira García García en contra de Christian Alejandro Cabriales Amador, radicado bajo el número de expediente judicial 511/2019, de conformidad con lo dispuesto en los artículos 98, 99, 111 fracción XII, 612, 614, 459, 472, 474, 990 del Código de Procedimientos Civiles, en acatamiento a lo ordenado mediante auto de fecha 27 veintisiete de mayo del 2025 dos mil veinticinco, con fundamento en el artículo 73 del Código de Procedimientos Civiles, esta Autoridad tiene a bien ordenar que el emplazamiento ordenado en el auto de fecha 9 nueve de febrero de 2021 dos mil veintiuno, así como la notificación del auto de fecha 15 quince de marzo de 2024 dos mil veinticuatro, respecto de Christian Alejandro Cabriales Amador, se hagan por medio de edictos que se publicarán por tres veces consecutivas tanto en el Periódico Oficial, Boletín Judicial y en el Periódico "El Porvenir" que se editan en la Ciudad, a fin de que dentro del término de 3 tres días ocurra al local de este Juzgado a producir su contestación. Aclarándose el hecho de que la notificación realizada en esta forma surtirá sus efectos a los 10-diez días contados desde el siguiente al de la última publicación, quedando en la secretaría de este Juzgado a disposición de dicha parte demandada las copias de traslado de la solicitud planteada y demás documentos acompañados, para su debida instrucción. Prevéngase al demandado para el efecto de que dentro del término de 3 tres días señale domicilio para el efecto de oír y recibir notificaciones en cualquiera de los municipios a saber: Apodaca, General Escobedo, Guadalupe, Monterrey, San Nicolás de los Garza, San Pedro Garza García y Santa Catarina, Nuevo León, apercibido de que en caso de no hacerlo así las subsecuentes notificaciones de carácter personal se les practicarán por medio de instructivo que se publique en la tabla de avisos de este Juzgado, de conformidad con el artículo 68 del Código Procesal Civil. DOY FE.
JOSÉ ALBERTO DÁVALOS ARÉVALO C. SECRETARIO ADSCRITO AL JUZGADO OCTAVO DE JUICIO FAMILIAR ORAL
(17, 18 y 19)
PUBLICACIÓN NOTARIAL
CON FECHA 24 de Enero del 2025 y 15 de Mayo del 2025, SE RADICARON EN ESTA NOTARÍA A MI CARGO EL JUICIO HEREDITARIO ADMINISTRATIVO INTESTAMENTARIO A BIENES DE LAS SEÑORITAS DOLORES BEDAIR RODRÍGUEZ Y GRACIELA BEDAIR RODRÍGUEZ MEDIANTE LAS ESCRITURAS PÚBLICAS NÚMERO 60,058 y 61,336 DE FECHAS 24 de Enero del 2025 y 15 de Mayo del 2025. PASADAS ANTE LA FE DEL SUSCRITO NOTARIO, ORDENÁNDOSE REALIZAR POR DOS OCASIONES Y CON INTERVALO DE DIEZ DÍAS UNA PUBLICACIÓN NOTARIAL, EN EL PERIÓDICO EL PORVENIR, CONVOCANDO A LAS PERSONAS QUE SE CREAN CON DERECHO A LA HERENCIA DE QUE SE ACUDAN A DEDUCIRLO dentro del término legal. Lo anterior con fundamento en lo dispuesto por el artículo 882 ochocientos ochenta y dos, del Código de Procedimientos Civiles en el Estado. Monterrey, N.L., 09 de Junio de 2025.
LIC. FRANCISCO JAVIER LOZANO MEDINA NOTARIO PÚBLICO TITULAR NÚMERO 19 LOMF-690331-SUA
(17 y 27)
